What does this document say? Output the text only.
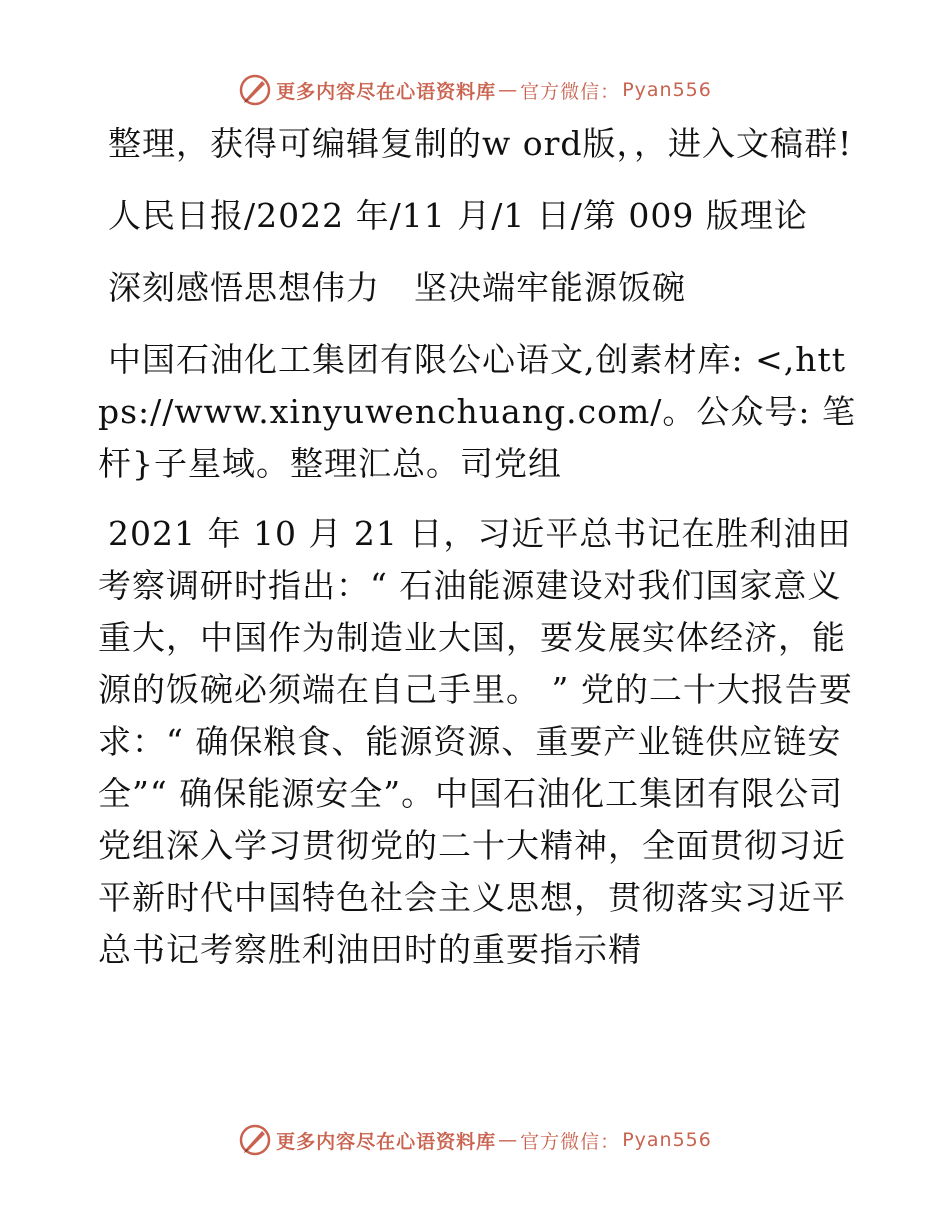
更多内容尽在心语资料库 — 官方微信： Pyan556

整理，获得可编辑复制的w ord版，，进入文稿群!

人民日报/2022 年/11 月/1 日/第 009 版理论

深刻感悟思想伟力　坚决端牢能源饭碗

中国石油化工集团有限公心语文,创素材库: <,https://www.xinyuwenchuang.com/。公众号: 笔杆}子星域。整理汇总。司党组

2021 年 10 月 21 日，习近平总书记在胜利油田考察调研时指出：“ 石油能源建设对我们国家意义重大，中国作为制造业大国，要发展实体经济，能源的饭碗必须端在自己手里。 ” 党的二十大报告要求：“ 确保粮食、能源资源、重要产业链供应链安全”“ 确保能源安全”。中国石油化工集团有限公司党组深入学习贯彻党的二十大精神，全面贯彻习近平新时代中国特色社会主义思想，贯彻落实习近平总书记考察胜利油田时的重要指示精

更多内容尽在心语资料库 — 官方微信： Pyan556
